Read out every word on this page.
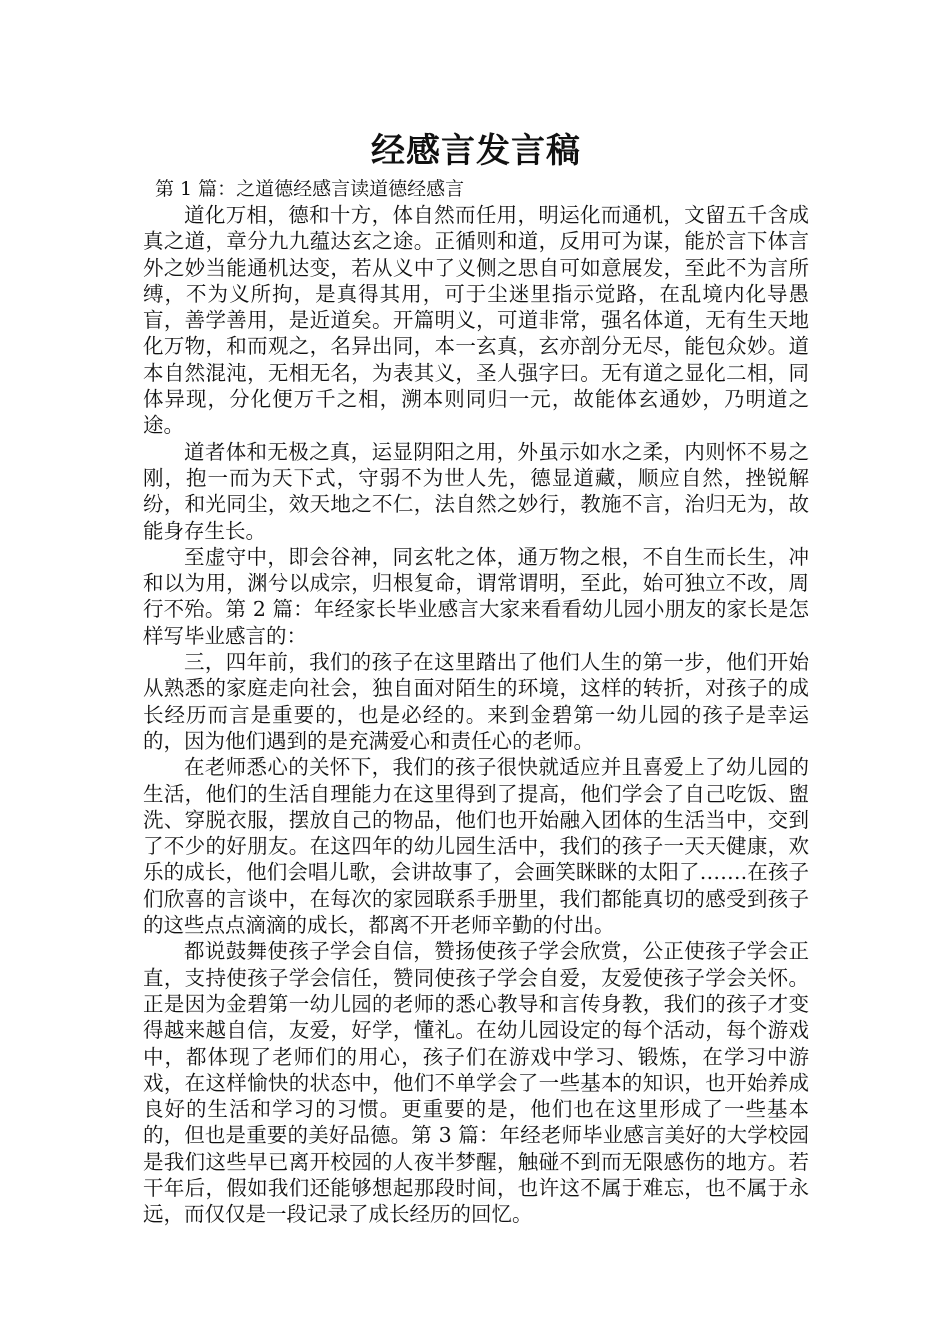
经感言发言稿

第 1 篇：之道德经感言读道德经感言

道化万相，德和十方，体自然而任用，明运化而通机，文留五千含成真之道，章分九九蕴达玄之途。正循则和道，反用可为谋，能於言下体言外之妙当能通机达变，若从义中了义侧之思自可如意展发，至此不为言所缚，不为义所拘，是真得其用，可于尘迷里指示觉路，在乱境内化导愚盲，善学善用，是近道矣。开篇明义，可道非常，强名体道，无有生天地化万物，和而观之，名异出同，本一玄真，玄亦剖分无尽，能包众妙。道本自然混沌，无相无名，为表其义，圣人强字曰。无有道之显化二相，同体异现，分化便万千之相，溯本则同归一元，故能体玄通妙，乃明道之途。

道者体和无极之真，运显阴阳之用，外虽示如水之柔，内则怀不易之刚，抱一而为天下式，守弱不为世人先，德显道藏，顺应自然，挫锐解纷，和光同尘，效天地之不仁，法自然之妙行，教施不言，治归无为，故能身存生长。

至虚守中，即会谷神，同玄牝之体，通万物之根，不自生而长生，冲和以为用，渊兮以成宗，归根复命，谓常谓明，至此，始可独立不改，周行不殆。第 2 篇：年经家长毕业感言大家来看看幼儿园小朋友的家长是怎样写毕业感言的：

三，四年前，我们的孩子在这里踏出了他们人生的第一步，他们开始从熟悉的家庭走向社会，独自面对陌生的环境，这样的转折，对孩子的成长经历而言是重要的，也是必经的。来到金碧第一幼儿园的孩子是幸运的，因为他们遇到的是充满爱心和责任心的老师。

在老师悉心的关怀下，我们的孩子很快就适应并且喜爱上了幼儿园的生活，他们的生活自理能力在这里得到了提高，他们学会了自己吃饭、盥洗、穿脱衣服，摆放自己的物品，他们也开始融入团体的生活当中，交到了不少的好朋友。在这四年的幼儿园生活中，我们的孩子一天天健康，欢乐的成长，他们会唱儿歌，会讲故事了，会画笑眯眯的太阳了…….在孩子们欣喜的言谈中，在每次的家园联系手册里，我们都能真切的感受到孩子的这些点点滴滴的成长，都离不开老师辛勤的付出。

都说鼓舞使孩子学会自信，赞扬使孩子学会欣赏，公正使孩子学会正直，支持使孩子学会信任，赞同使孩子学会自爱，友爱使孩子学会关怀。正是因为金碧第一幼儿园的老师的悉心教导和言传身教，我们的孩子才变得越来越自信，友爱，好学，懂礼。在幼儿园设定的每个活动，每个游戏中，都体现了老师们的用心，孩子们在游戏中学习、锻炼，在学习中游戏，在这样愉快的状态中，他们不单学会了一些基本的知识，也开始养成良好的生活和学习的习惯。更重要的是，他们也在这里形成了一些基本的，但也是重要的美好品德。第 3 篇：年经老师毕业感言美好的大学校园是我们这些早已离开校园的人夜半梦醒，触碰不到而无限感伤的地方。若干年后，假如我们还能够想起那段时间，也许这不属于难忘，也不属于永远，而仅仅是一段记录了成长经历的回忆。
